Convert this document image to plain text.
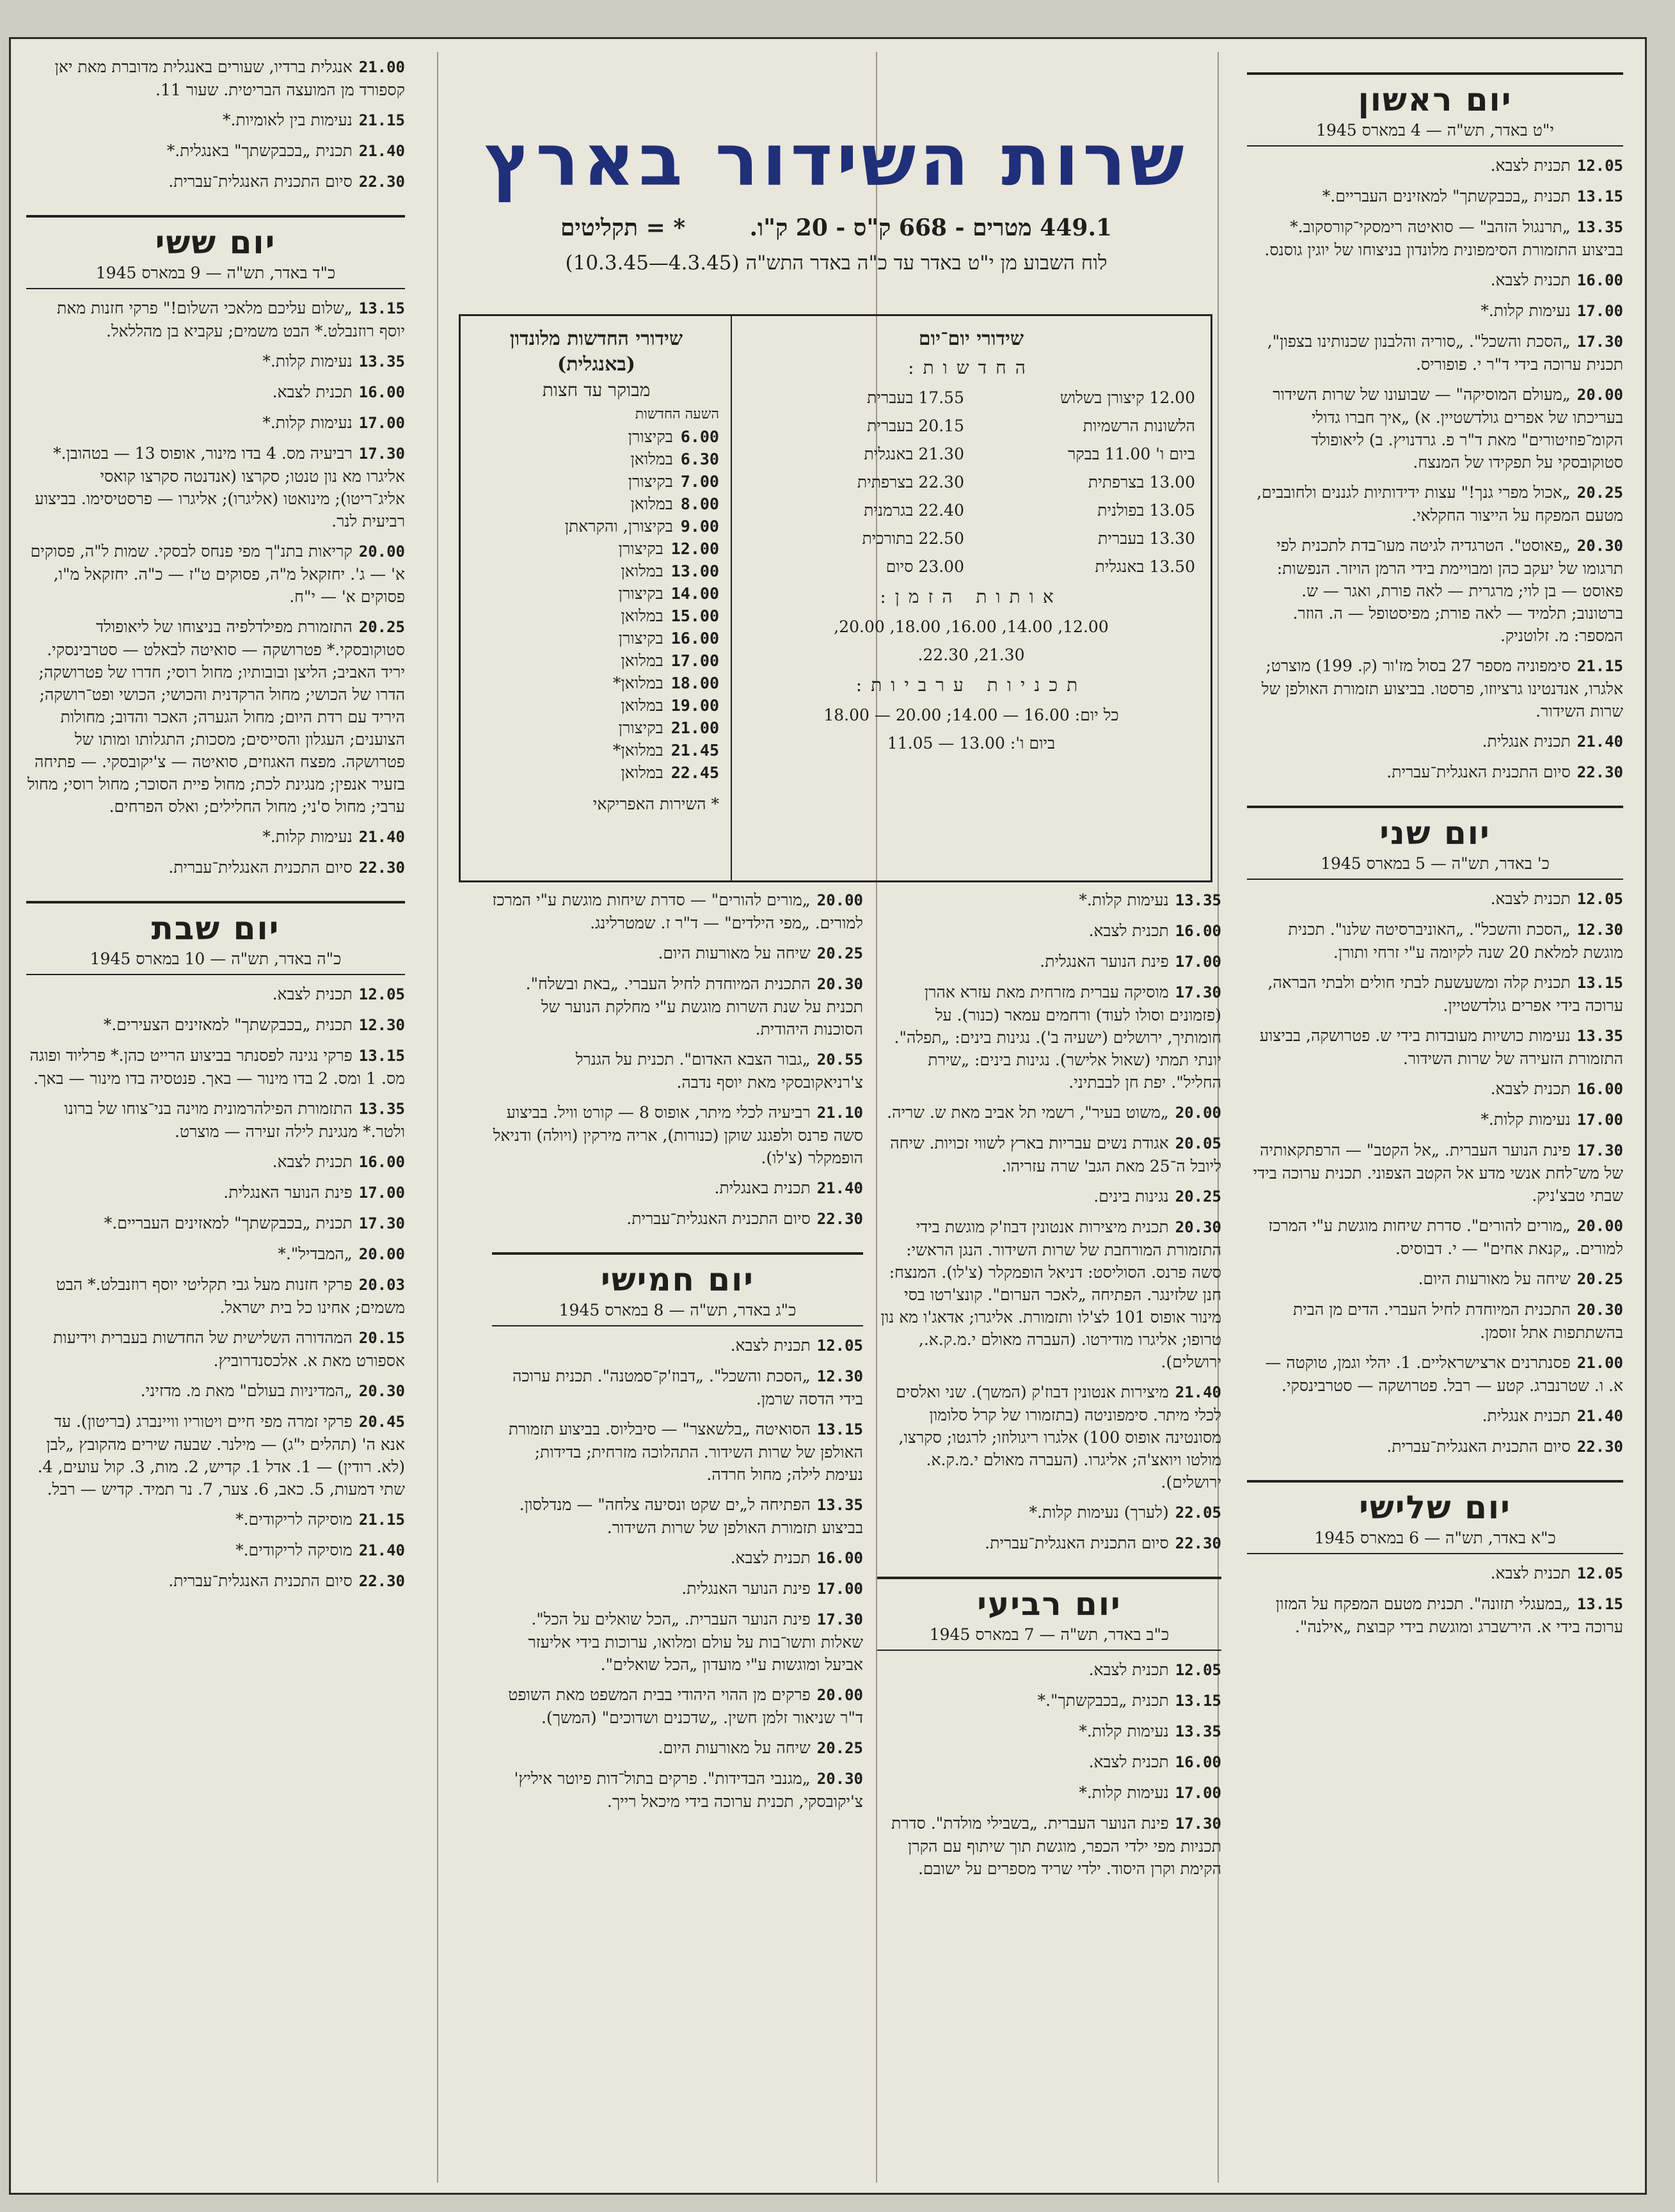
שרות השידור בארץ
449.1 מטרים - 668 ק"ס - 20 ק"ו.        * = תקליטים
לוח השבוע מן י"ט באדר עד כ"ה באדר התש"ה (4.3.45—10.3.45)
שידורי יום־יום
החדשות:
12.00 קיצורן בשלוש
17.55 בעברית
הלשונות הרשמיות
20.15 בעברית
ביום ו' 11.00 בבקר
21.30 באנגלית
13.00 בצרפתית
22.30 בצרפתית
13.05 בפולנית
22.40 בגרמנית
13.30 בעברית
22.50 בתורכית
13.50 באנגלית
23.00 סיום
אותות הזמן:
12.00, 14.00, 16.00, 18.00, 20.00,
21.30, 22.30.
תכניות ערביות:
כל יום: 16.00 — 14.00; 20.00 — 18.00
ביום ו': 13.00 — 11.05
שידורי החדשות מלונדון (באנגלית)
מבוקר עד חצות
השעה החדשות
6.00בקיצורן
6.30במלואן
7.00בקיצורן
8.00במלואן
9.00בקיצורן, והקראתן
12.00בקיצורן
13.00במלואן
14.00בקיצורן
15.00במלואן
16.00בקיצורן
17.00במלואן
18.00במלואן*
19.00במלואן
21.00בקיצורן
21.45במלואן*
22.45במלואן
* השירות האפריקאי
יום ראשון
י"ט באדר, תש"ה — 4 במארס 1945

12.05תכנית לצבא.

13.15תכנית „בכבקשתך" למאזינים העבריים.*

13.35„תרנגול הזהב" — סואיטה רימסקי־קורסקוב.* בביצוע התזמורת הסימפונית מלונדון בניצוחו של יוגין גוסנס.

16.00תכנית לצבא.

17.00נעימות קלות.*

17.30„הסכת והשכל". „סוריה והלבנון שכנותינו בצפון", תכנית ערוכה בידי ד"ר י. פופוריס.

20.00„מעולם המוסיקה" — שבועונו של שרות השידור בעריכתו של אפרים גולדשטיין. א) „איך חברו גדולי הקומ־פוזיטורים" מאת ד"ר פ. גרדנויץ. ב) ליאופולד סטוקובסקי על תפקידו של המנצח.

20.25„אכול מפרי גנך!" עצות ידידותיות לגננים ולחובבים, מטעם המפקח על הייצור החקלאי.

20.30„פאוסט". הטרגדיה לגיטה מעו־בדת לתכנית לפי תרגומו של יעקב כהן ומבויימת בידי הרמן הויזר. הנפשות: פאוסט — בן לוי; מרגרית — לאה פורת, ואגר — ש. ברטונוב; תלמיד — לאה פורת; מפיסטופל — ה. הוזר. המספר: מ. זלוטניק.

21.15סימפוניה מספר 27 בסול מז'ור (ק. 199) מוצרט; אלגרו, אנדנטינו גרציוזו, פרסטו. בביצוע תזמורת האולפן של שרות השידור.

21.40תכנית אנגלית.

22.30סיום התכנית האנגלית־עברית.

יום שני
כ' באדר, תש"ה — 5 במארס 1945

12.05תכנית לצבא.

12.30„הסכת והשכל". „האוניברסיטה שלנו". תכנית מוגשת למלאת 20 שנה לקיומה ע"י זרחי ותורן.

13.15תכנית קלה ומשעשעת לבתי חולים ולבתי הבראה, ערוכה בידי אפרים גולדשטיין.

13.35נעימות כושיות מעובדות בידי ש. פטרושקה, בביצוע התזמורת הזעירה של שרות השידור.

16.00תכנית לצבא.

17.00נעימות קלות.*

17.30פינת הנוער העברית. „אל הקטב" — הרפתקאותיה של מש־לחת אנשי מדע אל הקטב הצפוני. תכנית ערוכה בידי שבתי טבצ'ניק.

20.00„מורים להורים". סדרת שיחות מוגשת ע"י המרכז למורים. „קנאת אחים" — י. דבוסיס.

20.25שיחה על מאורעות היום.

20.30התכנית המיוחדת לחיל העברי. הדים מן הבית בהשתתפות אתל זוסמן.

21.00פסנתרנים ארצישראליים. 1. יהלי וגמן, טוקטה — א. ו. שטרנברג. קטע — רבל. פטרושקה — סטרבינסקי.

21.40תכנית אנגלית.

22.30סיום התכנית האנגלית־עברית.

יום שלישי
כ"א באדר, תש"ה — 6 במארס 1945

12.05תכנית לצבא.

13.15„במעגלי תזונה". תכנית מטעם המפקח על המזון ערוכה בידי א. הירשברג ומוגשת בידי קבוצת „אילנה".

13.35נעימות קלות.*

16.00תכנית לצבא.

17.00פינת הנוער האנגלית.

17.30מוסיקה עברית מזרחית מאת עזרא אהרן (פזמונים וסולו לעוד) ורחמים עמאר (כנור). על חומותיך, ירושלים (ישעיה ב'). נגינות בינים: „תפלה". יונתי תמתי (שאול אלישר). נגינות בינים: „שירת החליל". יפת חן לבבתיני.

20.00„משוט בעיר", רשמי תל אביב מאת ש. שריה.

20.05אגודת נשים עבריות בארץ לשווי זכויות. שיחה ליובל ה־25 מאת הגב' שרה עזריהו.

20.25נגינות בינים.

20.30תכנית מיצירות אנטונין דבוז'ק מוגשת בידי התזמורת המורחבת של שרות השידור. הנגן הראשי: סשה פרנס. הסוליסט: דניאל הופמקלר (צ'לו). המנצח: חנן שלזינגר. הפתיחה „לאכר הערום". קונצ'רטו בסי מינור אופוס 101 לצ'לו ותזמורת. אליגרו; אדאג'ו מא נון טרופו; אליגרו מודירטו. (העברה מאולם י.מ.ק.א., ירושלים).

21.40מיצירות אנטונין דבוז'ק (המשך). שני ואלסים לכלי מיתר. סימפוניטה (בתזמורו של קרל סלומון מסונטינה אופוס 100) אלגרו ריגולוזו; לרגטו; סקרצו, מולטו ויואצ'ה; אליגרו. (העברה מאולם י.מ.ק.א. ירושלים).

22.05(לערך) נעימות קלות.*

22.30סיום התכנית האנגלית־עברית.

יום רביעי
כ"ב באדר, תש"ה — 7 במארס 1945

12.05תכנית לצבא.

13.15תכנית „בכבקשתך".*

13.35נעימות קלות.*

16.00תכנית לצבא.

17.00נעימות קלות.*

17.30פינת הנוער העברית. „בשבילי מולדת". סדרת תכניות מפי ילדי הכפר, מוגשת תוך שיתוף עם הקרן הקימת וקרן היסוד. ילדי שריד מספרים על ישובם.

20.00„מורים להורים" — סדרת שיחות מוגשת ע"י המרכז למורים. „מפי הילדים" — ד"ר ז. שמטרלינג.

20.25שיחה על מאורעות היום.

20.30התכנית המיוחדת לחיל העברי. „באת ובשלח". תכנית על שנת השרות מוגשת ע"י מחלקת הנוער של הסוכנות היהודית.

20.55„גבור הצבא האדום". תכנית על הגנרל צ'רניאקובסקי מאת יוסף נדבה.

21.10רביעיה לכלי מיתר, אופוס 8 — קורט וויל. בביצוע סשה פרנס ולפגנג שוקן (כנורות), אריה מירקין (ויולה) ודניאל הופמקלר (צ'לו).

21.40תכנית באנגלית.

22.30סיום התכנית האנגלית־עברית.

יום חמישי
כ"ג באדר, תש"ה — 8 במארס 1945

12.05תכנית לצבא.

12.30„הסכת והשכל". „דבוז'ק־סמטנה". תכנית ערוכה בידי הדסה שרמן.

13.15הסואיטה „בלשאצר" — סיבליוס. בביצוע תזמורת האולפן של שרות השידור. התהלוכה מזרחית; בדידות; נעימת לילה; מחול חרדה.

13.35הפתיחה ל„ים שקט ונסיעה צלחה" — מנדלסון. בביצוע תזמורת האולפן של שרות השידור.

16.00תכנית לצבא.

17.00פינת הנוער האנגלית.

17.30פינת הנוער העברית. „הכל שואלים על הכל". שאלות ותשו־בות על עולם ומלואו, ערוכות בידי אליעזר אביעל ומוגשות ע"י מועדון „הכל שואלים".

20.00פרקים מן ההוי היהודי בבית המשפט מאת השופט ד"ר שניאור זלמן חשין. „שדכנים ושדוכים" (המשך).

20.25שיחה על מאורעות היום.

20.30„מגנבי הבדידות". פרקים בתול־דות פיוטר איליץ' צ'יקובסקי, תכנית ערוכה בידי מיכאל רייך.

21.00אנגלית ברדיו, שעורים באנגלית מדוברת מאת יאן קספורד מן המועצה הבריטית. שעור 11.

21.15נעימות בין לאומיות.*

21.40תכנית „בכבקשתך" באנגלית.*

22.30סיום התכנית האנגלית־עברית.

יום ששי
כ"ד באדר, תש"ה — 9 במארס 1945

13.15„שלום עליכם מלאכי השלום!" פרקי חזנות מאת יוסף רוזנבלט.* הבט משמים; עקביא בן מהללאל.

13.35נעימות קלות.*

16.00תכנית לצבא.

17.00נעימות קלות.*

17.30רביעיה מס. 4 בדו מינור, אופוס 13 — בטהובן.* אליגרו מא נון טנטו; סקרצו (אנדנטה סקרצו קואסי אליג־ריטו); מינואטו (אליגרו); אליגרו — פרסטיסימו. בביצוע רביעית לנר.

20.00קריאות בתנ"ך מפי פנחס לבסקי. שמות ל"ה, פסוקים א' — ג'. יחזקאל מ"ה, פסוקים ט"ז — כ"ה. יחזקאל מ"ו, פסוקים א' — י"ח.

20.25התזמורת מפילדלפיה בניצוחו של ליאופולד סטוקובסקי.* פטרושקה — סואיטה לבאלט — סטרבינסקי. יריד האביב; הליצן ובובותיו; מחול רוסי; חדרו של פטרושקה; הדרו של הכושי; מחול הרקדנית והכושי; הכושי ופט־רושקה; היריד עם רדת היום; מחול הגערה; האכר והדוב; מחולות הצוענים; העגלון והסייסים; מסכות; התגלותו ומותו של פטרושקה. מפצח האגוזים, סואיטה — צ'יקובסקי. — פתיחה בזעיר אנפין; מנגינת לכת; מחול פיית הסוכר; מחול רוסי; מחול ערבי; מחול ס'ני; מחול החלילים; ואלס הפרחים.

21.40נעימות קלות.*

22.30סיום התכנית האנגלית־עברית.

יום שבת
כ"ה באדר, תש"ה — 10 במארס 1945

12.05תכנית לצבא.

12.30תכנית „בכבקשתך" למאזינים הצעירים.*

13.15פרקי נגינה לפסנתר בביצוע הרייט כהן.* פרליוד ופוגה מס. 1 ומס. 2 בדו מינור — באך. פנטסיה בדו מינור — באך.

13.35התזמורת הפילהרמונית מוינה בני־צוחו של ברונו ולטר.* מנגינת לילה זעירה — מוצרט.

16.00תכנית לצבא.

17.00פינת הנוער האנגלית.

17.30תכנית „בכבקשתך" למאזינים העבריים.*

20.00„המבדיל".*

20.03פרקי חזנות מעל גבי תקליטי יוסף רוזנבלט.* הבט משמים; אחינו כל בית ישראל.

20.15המהדורה השלישית של החדשות בעברית וידיעות אספורט מאת א. אלכסנדרוביץ.

20.30„המדיניות בעולם" מאת מ. מדזיני.

20.45פרקי זמרה מפי חיים ויטוריו וויינברג (בריטון). עד אנא ה' (תהלים י"ג) — מילנר. שבעה שירים מהקובץ „לבן (לא. רודין) — 1. אדל 1. קדיש, 2. מות, 3. קול עועים, 4. שתי דמעות, 5. כאב, 6. צער, 7. נר תמיד. קדיש — רבל.

21.15מוסיקה לריקודים.*

21.40מוסיקה לריקודים.*

22.30סיום התכנית האנגלית־עברית.
